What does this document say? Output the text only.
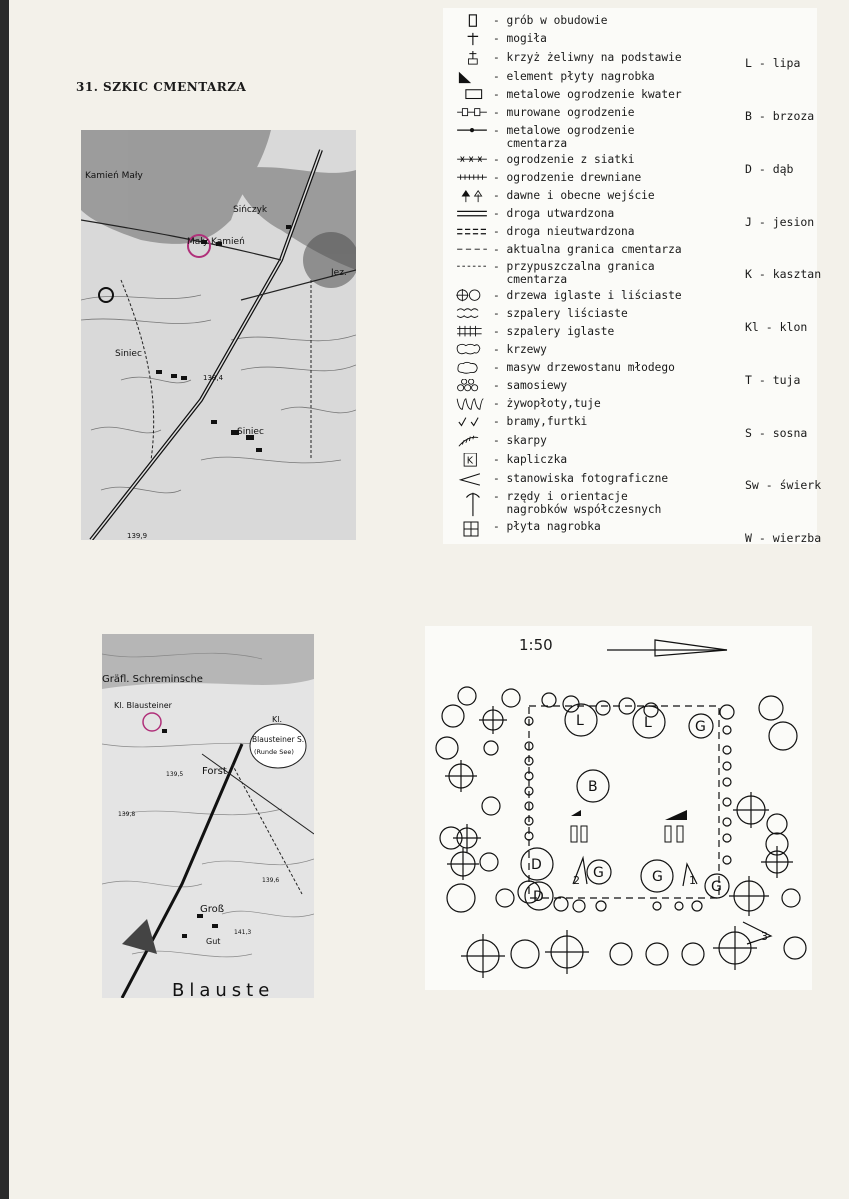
31. SZKIC CMENTARZA
Kamień Mały
Sińczyk
Mały Kamień
Jez.
Siniec
Siniec
138,4
139,9
Gräfl. Schreminsche
Kl. Blausteiner
Kl.
Blausteiner S.
(Runde See)
Forst
139,5
139,8
139,6
Groß
Gut
141,3
Blauste
- grób w obudowie
- mogiła
- krzyż żeliwny na podstawie
- element płyty nagrobka
- metalowe ogrodzenie kwater
- murowane ogrodzenie
- metalowe ogrodzenie
cmentarza
- ogrodzenie z siatki
- ogrodzenie drewniane
- dawne i obecne wejście
- droga utwardzona
- droga nieutwardzona
- aktualna granica cmentarza
- przypuszczalna granica
cmentarza
- drzewa iglaste i liściaste
- szpalery liściaste
- szpalery iglaste
- krzewy
- masyw drzewostanu młodego
- samosiewy
- żywopłoty,tuje
- bramy,furtki
- skarpy
K - kapliczka
- stanowiska fotograficzne
- rzędy i orientacje
nagrobków współczesnych
- płyta nagrobka

L - lipa

B - brzoza

D - dąb

J - jesion

K - kasztan

Kl - klon

T - tuja

S - sosna

Sw - świerk

W - wierzba

1:50
L	L	G
B
D
D
G	G
G
1
2
3
